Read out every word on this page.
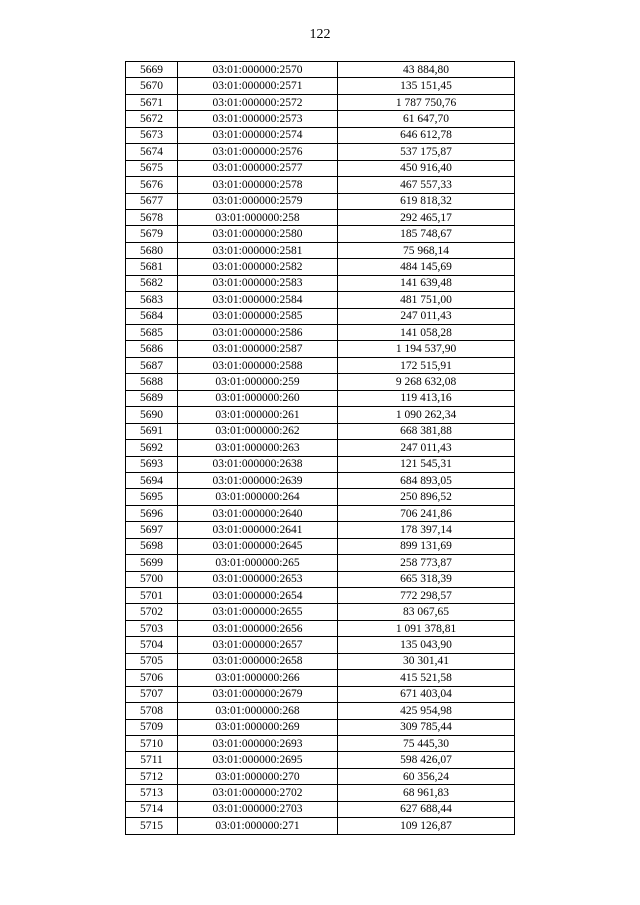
122
5669	03:01:000000:2570	43 884,80
5670	03:01:000000:2571	135 151,45
5671	03:01:000000:2572	1 787 750,76
5672	03:01:000000:2573	61 647,70
5673	03:01:000000:2574	646 612,78
5674	03:01:000000:2576	537 175,87
5675	03:01:000000:2577	450 916,40
5676	03:01:000000:2578	467 557,33
5677	03:01:000000:2579	619 818,32
5678	03:01:000000:258	292 465,17
5679	03:01:000000:2580	185 748,67
5680	03:01:000000:2581	75 968,14
5681	03:01:000000:2582	484 145,69
5682	03:01:000000:2583	141 639,48
5683	03:01:000000:2584	481 751,00
5684	03:01:000000:2585	247 011,43
5685	03:01:000000:2586	141 058,28
5686	03:01:000000:2587	1 194 537,90
5687	03:01:000000:2588	172 515,91
5688	03:01:000000:259	9 268 632,08
5689	03:01:000000:260	119 413,16
5690	03:01:000000:261	1 090 262,34
5691	03:01:000000:262	668 381,88
5692	03:01:000000:263	247 011,43
5693	03:01:000000:2638	121 545,31
5694	03:01:000000:2639	684 893,05
5695	03:01:000000:264	250 896,52
5696	03:01:000000:2640	706 241,86
5697	03:01:000000:2641	178 397,14
5698	03:01:000000:2645	899 131,69
5699	03:01:000000:265	258 773,87
5700	03:01:000000:2653	665 318,39
5701	03:01:000000:2654	772 298,57
5702	03:01:000000:2655	83 067,65
5703	03:01:000000:2656	1 091 378,81
5704	03:01:000000:2657	135 043,90
5705	03:01:000000:2658	30 301,41
5706	03:01:000000:266	415 521,58
5707	03:01:000000:2679	671 403,04
5708	03:01:000000:268	425 954,98
5709	03:01:000000:269	309 785,44
5710	03:01:000000:2693	75 445,30
5711	03:01:000000:2695	598 426,07
5712	03:01:000000:270	60 356,24
5713	03:01:000000:2702	68 961,83
5714	03:01:000000:2703	627 688,44
5715	03:01:000000:271	109 126,87
